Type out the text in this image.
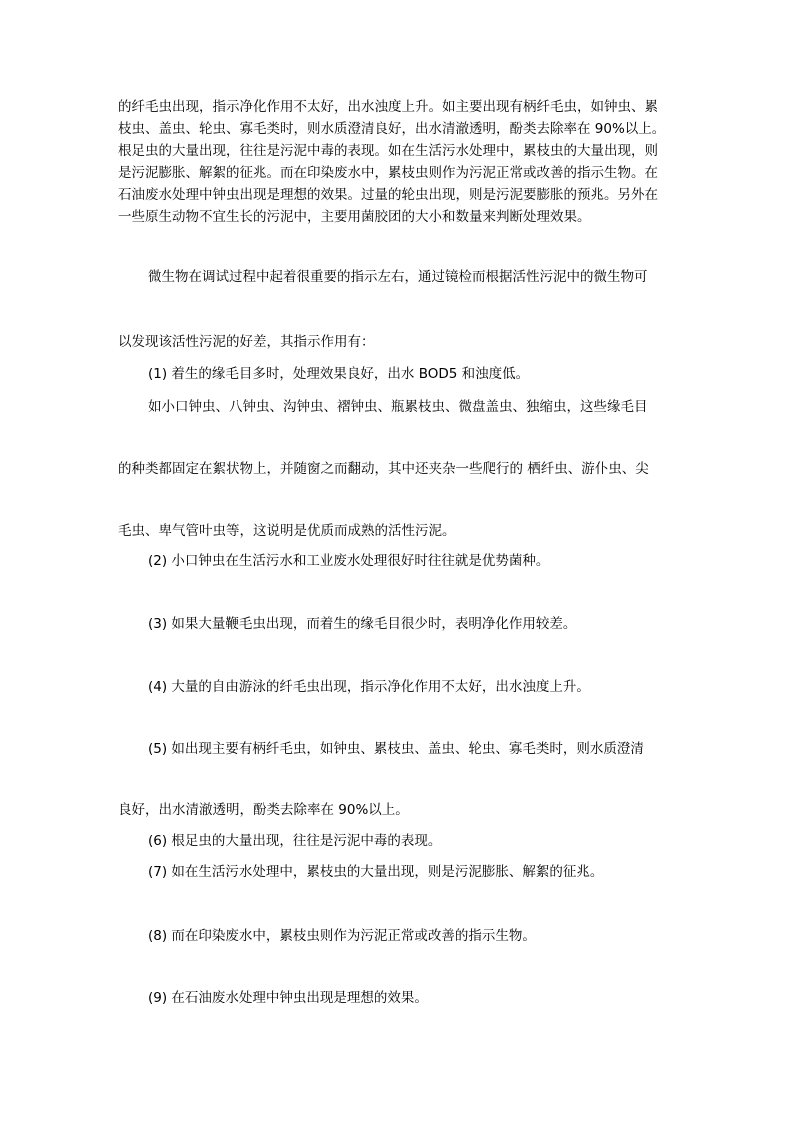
的纤毛虫出现，指示净化作用不太好，出水浊度上升。如主要出现有柄纤毛虫，如钟虫、累
枝虫、盖虫、轮虫、寡毛类时，则水质澄清良好，出水清澈透明，酚类去除率在 90%以上。
根足虫的大量出现，往往是污泥中毒的表现。如在生活污水处理中，累枝虫的大量出现，则
是污泥膨胀、解絮的征兆。而在印染废水中，累枝虫则作为污泥正常或改善的指示生物。在
石油废水处理中钟虫出现是理想的效果。过量的轮虫出现，则是污泥要膨胀的预兆。另外在
一些原生动物不宜生长的污泥中，主要用菌胶团的大小和数量来判断处理效果。
微生物在调试过程中起着很重要的指示左右，通过镜检而根据活性污泥中的微生物可
以发现该活性污泥的好差，其指示作用有：
(1) 着生的缘毛目多时，处理效果良好，出水 BOD5 和浊度低。
如小口钟虫、八钟虫、沟钟虫、褶钟虫、瓶累枝虫、微盘盖虫、独缩虫，这些缘毛目
的种类都固定在絮状物上，并随窗之而翻动，其中还夹杂一些爬行的 栖纤虫、游仆虫、尖
毛虫、卑气管叶虫等，这说明是优质而成熟的活性污泥。
(2) 小口钟虫在生活污水和工业废水处理很好时往往就是优势菌种。
(3) 如果大量鞭毛虫出现，而着生的缘毛目很少时，表明净化作用较差。
(4) 大量的自由游泳的纤毛虫出现，指示净化作用不太好，出水浊度上升。
(5) 如出现主要有柄纤毛虫，如钟虫、累枝虫、盖虫、轮虫、寡毛类时，则水质澄清
良好，出水清澈透明，酚类去除率在 90%以上。
(6) 根足虫的大量出现，往往是污泥中毒的表现。
(7) 如在生活污水处理中，累枝虫的大量出现，则是污泥膨胀、解絮的征兆。
(8) 而在印染废水中，累枝虫则作为污泥正常或改善的指示生物。
(9) 在石油废水处理中钟虫出现是理想的效果。
